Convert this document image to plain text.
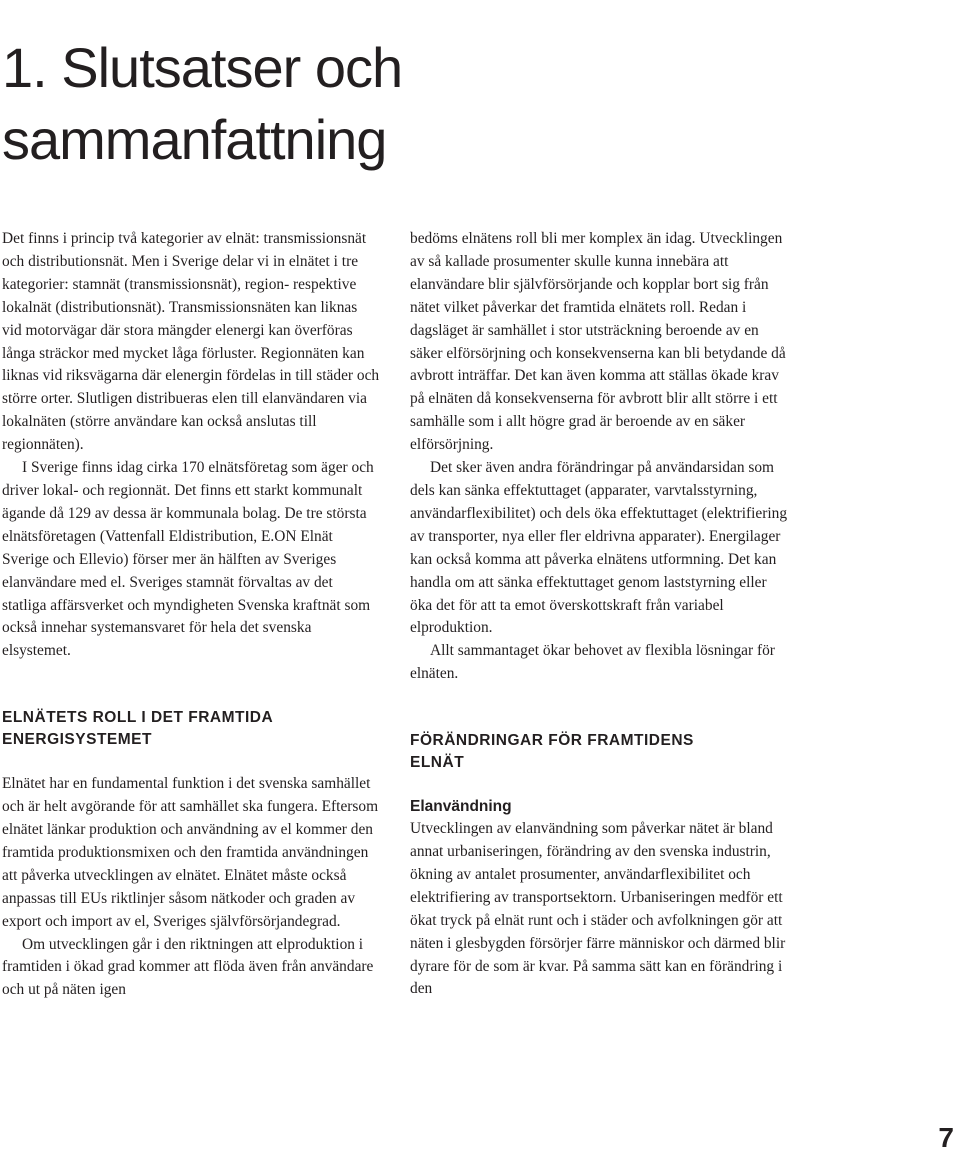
1. Slutsatser och
sammanfattning

Det finns i princip två kategorier av elnät: transmissionsnät och distributionsnät. Men i Sverige delar vi in elnätet i tre kategorier: stamnät (transmissionsnät), region- respektive lokalnät (distributionsnät). Transmissionsnäten kan liknas vid motorvägar där stora mängder elenergi kan överföras långa sträckor med mycket låga förluster. Regionnäten kan liknas vid riksvägarna där elenergin fördelas in till städer och större orter. Slutligen distribueras elen till elanvändaren via lokalnäten (större användare kan också anslutas till regionnäten).

I Sverige finns idag cirka 170 elnätsföretag som äger och driver lokal- och regionnät. Det finns ett starkt kommunalt ägande då 129 av dessa är kommunala bolag. De tre största elnätsföretagen (Vattenfall Eldistribution, E.ON Elnät Sverige och Ellevio) förser mer än hälften av Sveriges elanvändare med el. Sveriges stamnät förvaltas av det statliga affärsverket och myndigheten Svenska kraftnät som också innehar systemansvaret för hela det svenska elsystemet.

ELNÄTETS ROLL I DET FRAMTIDA
ENERGISYSTEMET

Elnätet har en fundamental funktion i det svenska samhället och är helt avgörande för att samhället ska fungera. Eftersom elnätet länkar produktion och användning av el kommer den framtida produktionsmixen och den framtida användningen att påverka utvecklingen av elnätet. Elnätet måste också anpassas till EUs riktlinjer såsom nätkoder och graden av export och import av el, Sveriges självförsörjandegrad.

Om utvecklingen går i den riktningen att elproduktion i framtiden i ökad grad kommer att flöda även från användare och ut på näten igen

bedöms elnätens roll bli mer komplex än idag. Utvecklingen av så kallade prosumenter skulle kunna innebära att elanvändare blir självförsörjande och kopplar bort sig från nätet vilket påverkar det framtida elnätets roll. Redan i dagsläget är samhället i stor utsträckning beroende av en säker elförsörjning och konsekvenserna kan bli betydande då avbrott inträffar. Det kan även komma att ställas ökade krav på elnäten då konsekvenserna för avbrott blir allt större i ett samhälle som i allt högre grad är beroende av en säker elförsörjning.

Det sker även andra förändringar på användarsidan som dels kan sänka effektuttaget (apparater, varvtalsstyrning, användarflexibilitet) och dels öka effektuttaget (elektrifiering av transporter, nya eller fler eldrivna apparater). Energilager kan också komma att påverka elnätens utformning. Det kan handla om att sänka effektuttaget genom laststyrning eller öka det för att ta emot överskottskraft från variabel elproduktion.

Allt sammantaget ökar behovet av flexibla lösningar för elnäten.

FÖRÄNDRINGAR FÖR FRAMTIDENS
ELNÄT
Elanvändning

Utvecklingen av elanvändning som påverkar nätet är bland annat urbaniseringen, förändring av den svenska industrin, ökning av antalet prosumenter, användarflexibilitet och elektrifiering av transportsektorn. Urbaniseringen medför ett ökat tryck på elnät runt och i städer och avfolkningen gör att näten i glesbygden försörjer färre människor och därmed blir dyrare för de som är kvar. På samma sätt kan en förändring i den

7
